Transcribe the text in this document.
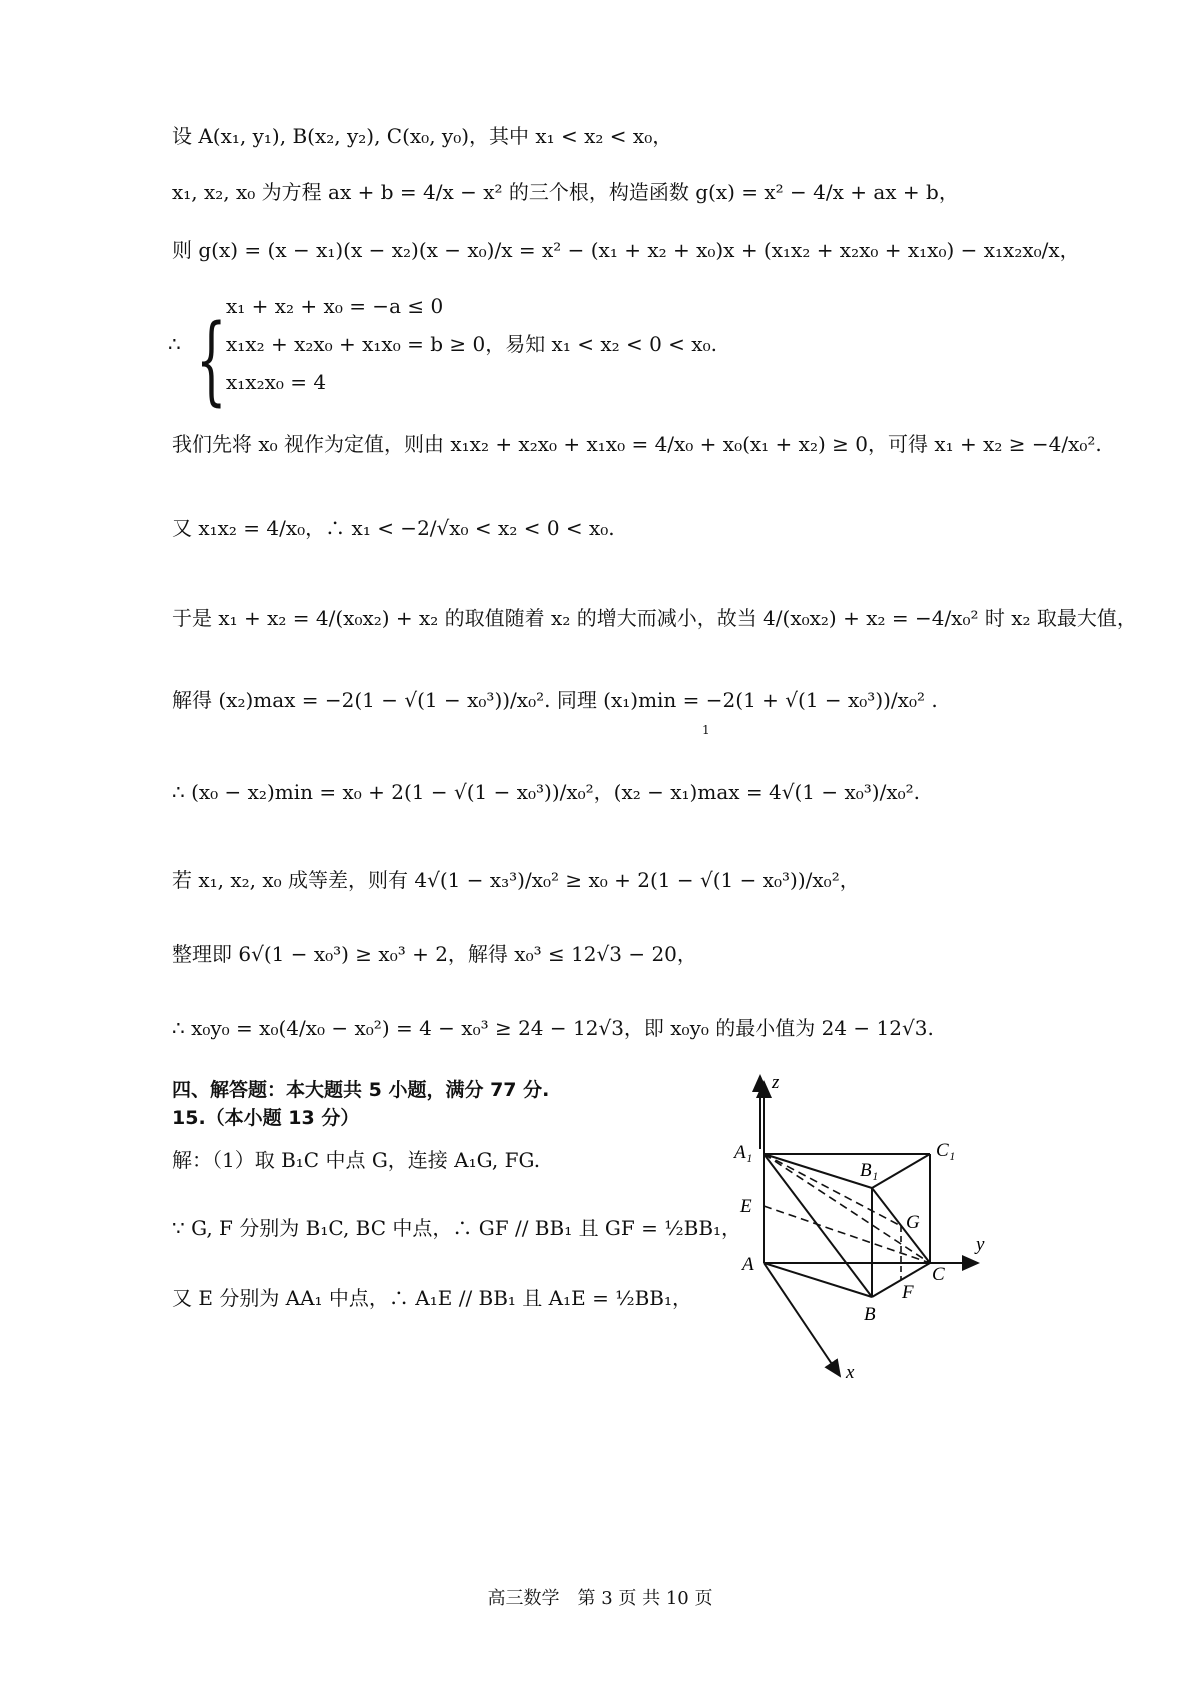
设 A(x₁, y₁), B(x₂, y₂), C(x₀, y₀)，其中 x₁ < x₂ < x₀，
x₁, x₂, x₀ 为方程 ax + b = 4/x − x² 的三个根，构造函数 g(x) = x² − 4/x + ax + b，
则 g(x) = (x − x₁)(x − x₂)(x − x₀)/x = x² − (x₁ + x₂ + x₀)x + (x₁x₂ + x₂x₀ + x₁x₀) − x₁x₂x₀/x，
{
∴
x₁ + x₂ + x₀ = −a ≤ 0
x₁x₂ + x₂x₀ + x₁x₀ = b ≥ 0，易知 x₁ < x₂ < 0 < x₀.
x₁x₂x₀ = 4
我们先将 x₀ 视作为定值，则由 x₁x₂ + x₂x₀ + x₁x₀ = 4/x₀ + x₀(x₁ + x₂) ≥ 0，可得 x₁ + x₂ ≥ −4/x₀².
又 x₁x₂ = 4/x₀，∴ x₁ < −2/√x₀ < x₂ < 0 < x₀.
于是 x₁ + x₂ = 4/(x₀x₂) + x₂ 的取值随着 x₂ 的增大而减小，故当 4/(x₀x₂) + x₂ = −4/x₀² 时 x₂ 取最大值，
解得 (x₂)max = −2(1 − √(1 − x₀³))/x₀². 同理 (x₁)min = −2(1 + √(1 − x₀³))/x₀² .
1
∴ (x₀ − x₂)min = x₀ + 2(1 − √(1 − x₀³))/x₀²，(x₂ − x₁)max = 4√(1 − x₀³)/x₀².
若 x₁, x₂, x₀ 成等差，则有 4√(1 − x₃³)/x₀² ≥ x₀ + 2(1 − √(1 − x₀³))/x₀²，
整理即 6√(1 − x₀³) ≥ x₀³ + 2，解得 x₀³ ≤ 12√3 − 20，
∴ x₀y₀ = x₀(4/x₀ − x₀²) = 4 − x₀³ ≥ 24 − 12√3，即 x₀y₀ 的最小值为 24 − 12√3.
四、解答题：本大题共 5 小题，满分 77 分.
15.（本小题 13 分）
解：（1）取 B₁C 中点 G，连接 A₁G, FG.
∵ G, F 分别为 B₁C, BC 中点，∴ GF // BB₁ 且 GF = ½BB₁，
又 E 分别为 AA₁ 中点，∴ A₁E // BB₁ 且 A₁E = ½BB₁，
z
y
x
A₁	C₁
B₁
E
G
A	C
F
B
高三数学　第 3 页 共 10 页
